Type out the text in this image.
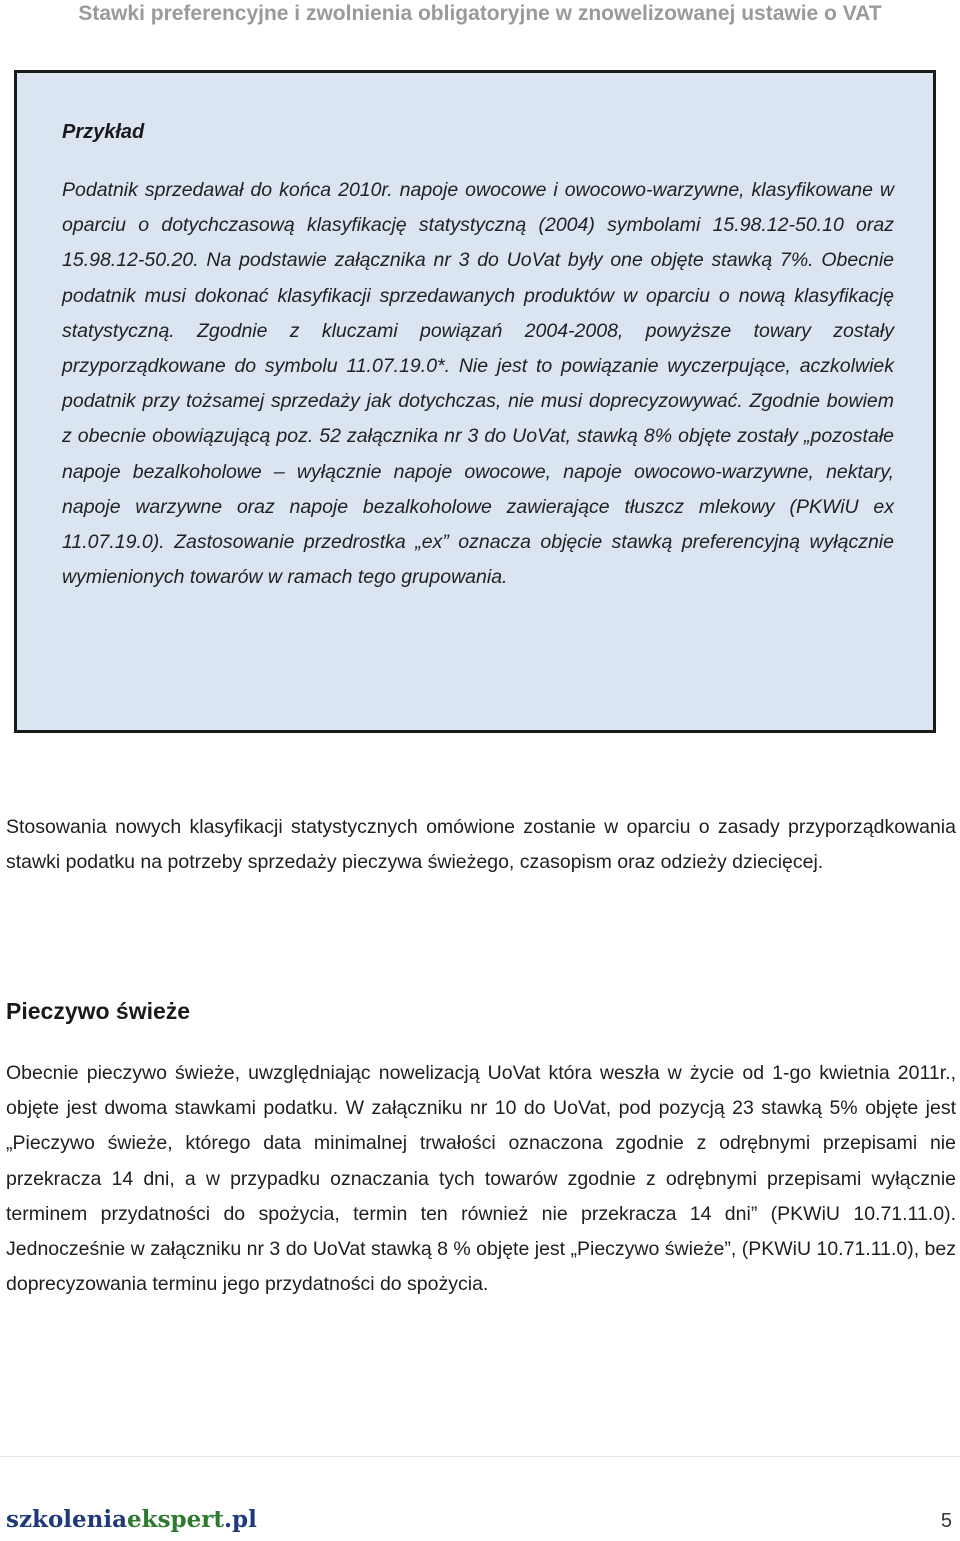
Stawki preferencyjne i zwolnienia obligatoryjne w znowelizowanej ustawie o VAT
Przykład
Podatnik sprzedawał do końca 2010r. napoje owocowe i owocowo-warzywne, klasyfikowane w oparciu o dotychczasową klasyfikację statystyczną (2004) symbolami 15.98.12-50.10 oraz 15.98.12-50.20. Na podstawie załącznika nr 3 do UoVat były one objęte stawką 7%. Obecnie podatnik musi dokonać klasyfikacji sprzedawanych produktów w oparciu o nową klasyfikację statystyczną. Zgodnie z kluczami powiązań 2004-2008, powyższe towary zostały przyporządkowane do symbolu 11.07.19.0*. Nie jest to powiązanie wyczerpujące, aczkolwiek podatnik przy tożsamej sprzedaży jak dotychczas, nie musi doprecyzowywać. Zgodnie bowiem z obecnie obowiązującą poz. 52 załącznika nr 3 do UoVat, stawką 8% objęte zostały „pozostałe napoje bezalkoholowe – wyłącznie napoje owocowe, napoje owocowo-warzywne, nektary, napoje warzywne oraz napoje bezalkoholowe zawierające tłuszcz mlekowy (PKWiU ex 11.07.19.0). Zastosowanie przedrostka „ex” oznacza objęcie stawką preferencyjną wyłącznie wymienionych towarów w ramach tego grupowania.
Stosowania nowych klasyfikacji statystycznych omówione zostanie w oparciu o zasady przyporządkowania stawki podatku na potrzeby sprzedaży pieczywa świeżego, czasopism oraz odzieży dziecięcej.
Pieczywo świeże
Obecnie pieczywo świeże, uwzględniając nowelizacją UoVat która weszła w życie od 1-go kwietnia 2011r., objęte jest dwoma stawkami podatku. W załączniku nr 10 do UoVat, pod pozycją 23 stawką 5% objęte jest „Pieczywo świeże, którego data minimalnej trwałości oznaczona zgodnie z odrębnymi przepisami nie przekracza 14 dni, a w przypadku oznaczania tych towarów zgodnie z odrębnymi przepisami wyłącznie terminem przydatności do spożycia, termin ten również nie przekracza 14 dni” (PKWiU 10.71.11.0). Jednocześnie w załączniku nr 3 do UoVat stawką 8 % objęte jest „Pieczywo świeże”, (PKWiU 10.71.11.0), bez doprecyzowania terminu jego przydatności do spożycia.
szkoleniaekspert.pl	5
